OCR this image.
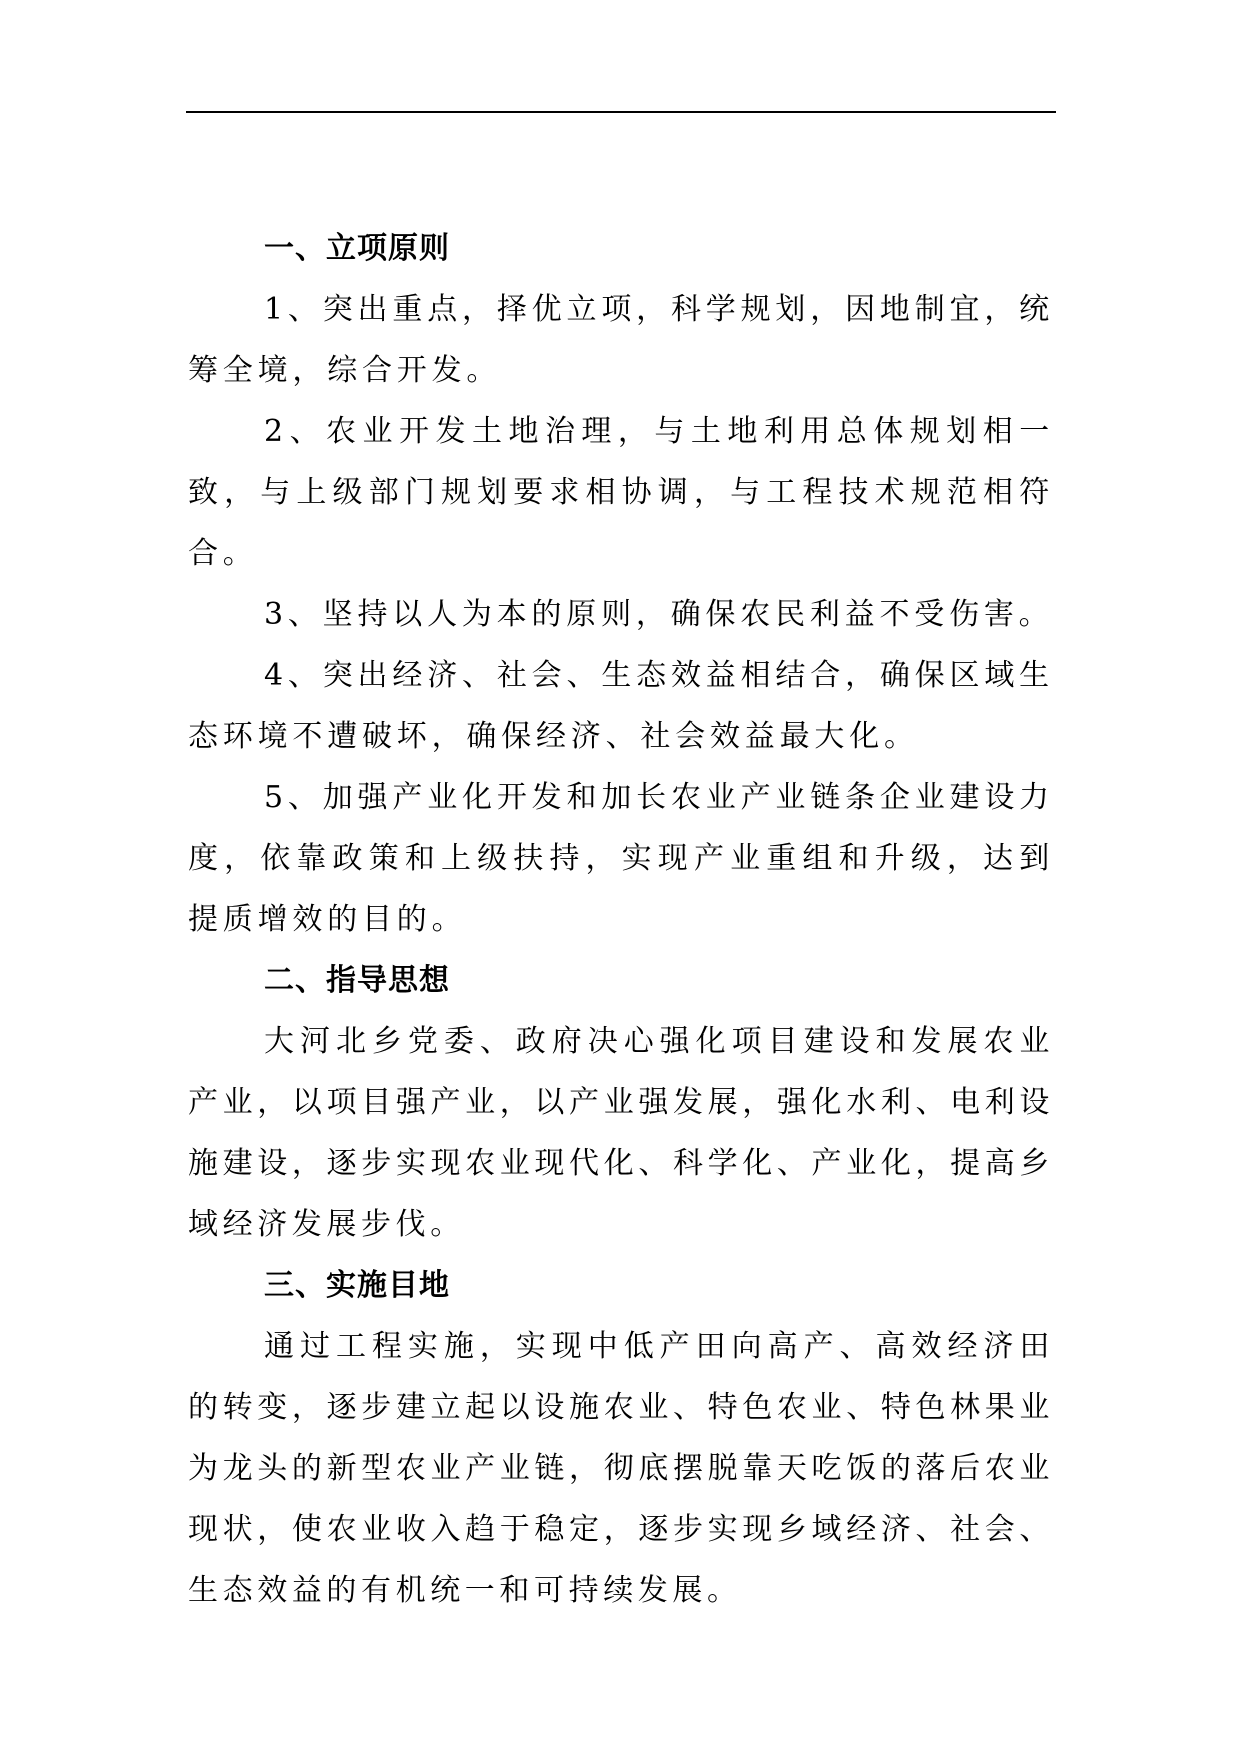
一、立项原则

1、突出重点，择优立项，科学规划，因地制宜，统筹全境，综合开发。

2、农业开发土地治理，与土地利用总体规划相一致，与上级部门规划要求相协调，与工程技术规范相符合。

3、坚持以人为本的原则，确保农民利益不受伤害。

4、突出经济、社会、生态效益相结合，确保区域生态环境不遭破坏，确保经济、社会效益最大化。

5、加强产业化开发和加长农业产业链条企业建设力度，依靠政策和上级扶持，实现产业重组和升级，达到提质增效的目的。

二、指导思想

大河北乡党委、政府决心强化项目建设和发展农业产业，以项目强产业，以产业强发展，强化水利、电利设施建设，逐步实现农业现代化、科学化、产业化，提高乡域经济发展步伐。

三、实施目地

通过工程实施，实现中低产田向高产、高效经济田的转变，逐步建立起以设施农业、特色农业、特色林果业为龙头的新型农业产业链，彻底摆脱靠天吃饭的落后农业现状，使农业收入趋于稳定，逐步实现乡域经济、社会、生态效益的有机统一和可持续发展。
